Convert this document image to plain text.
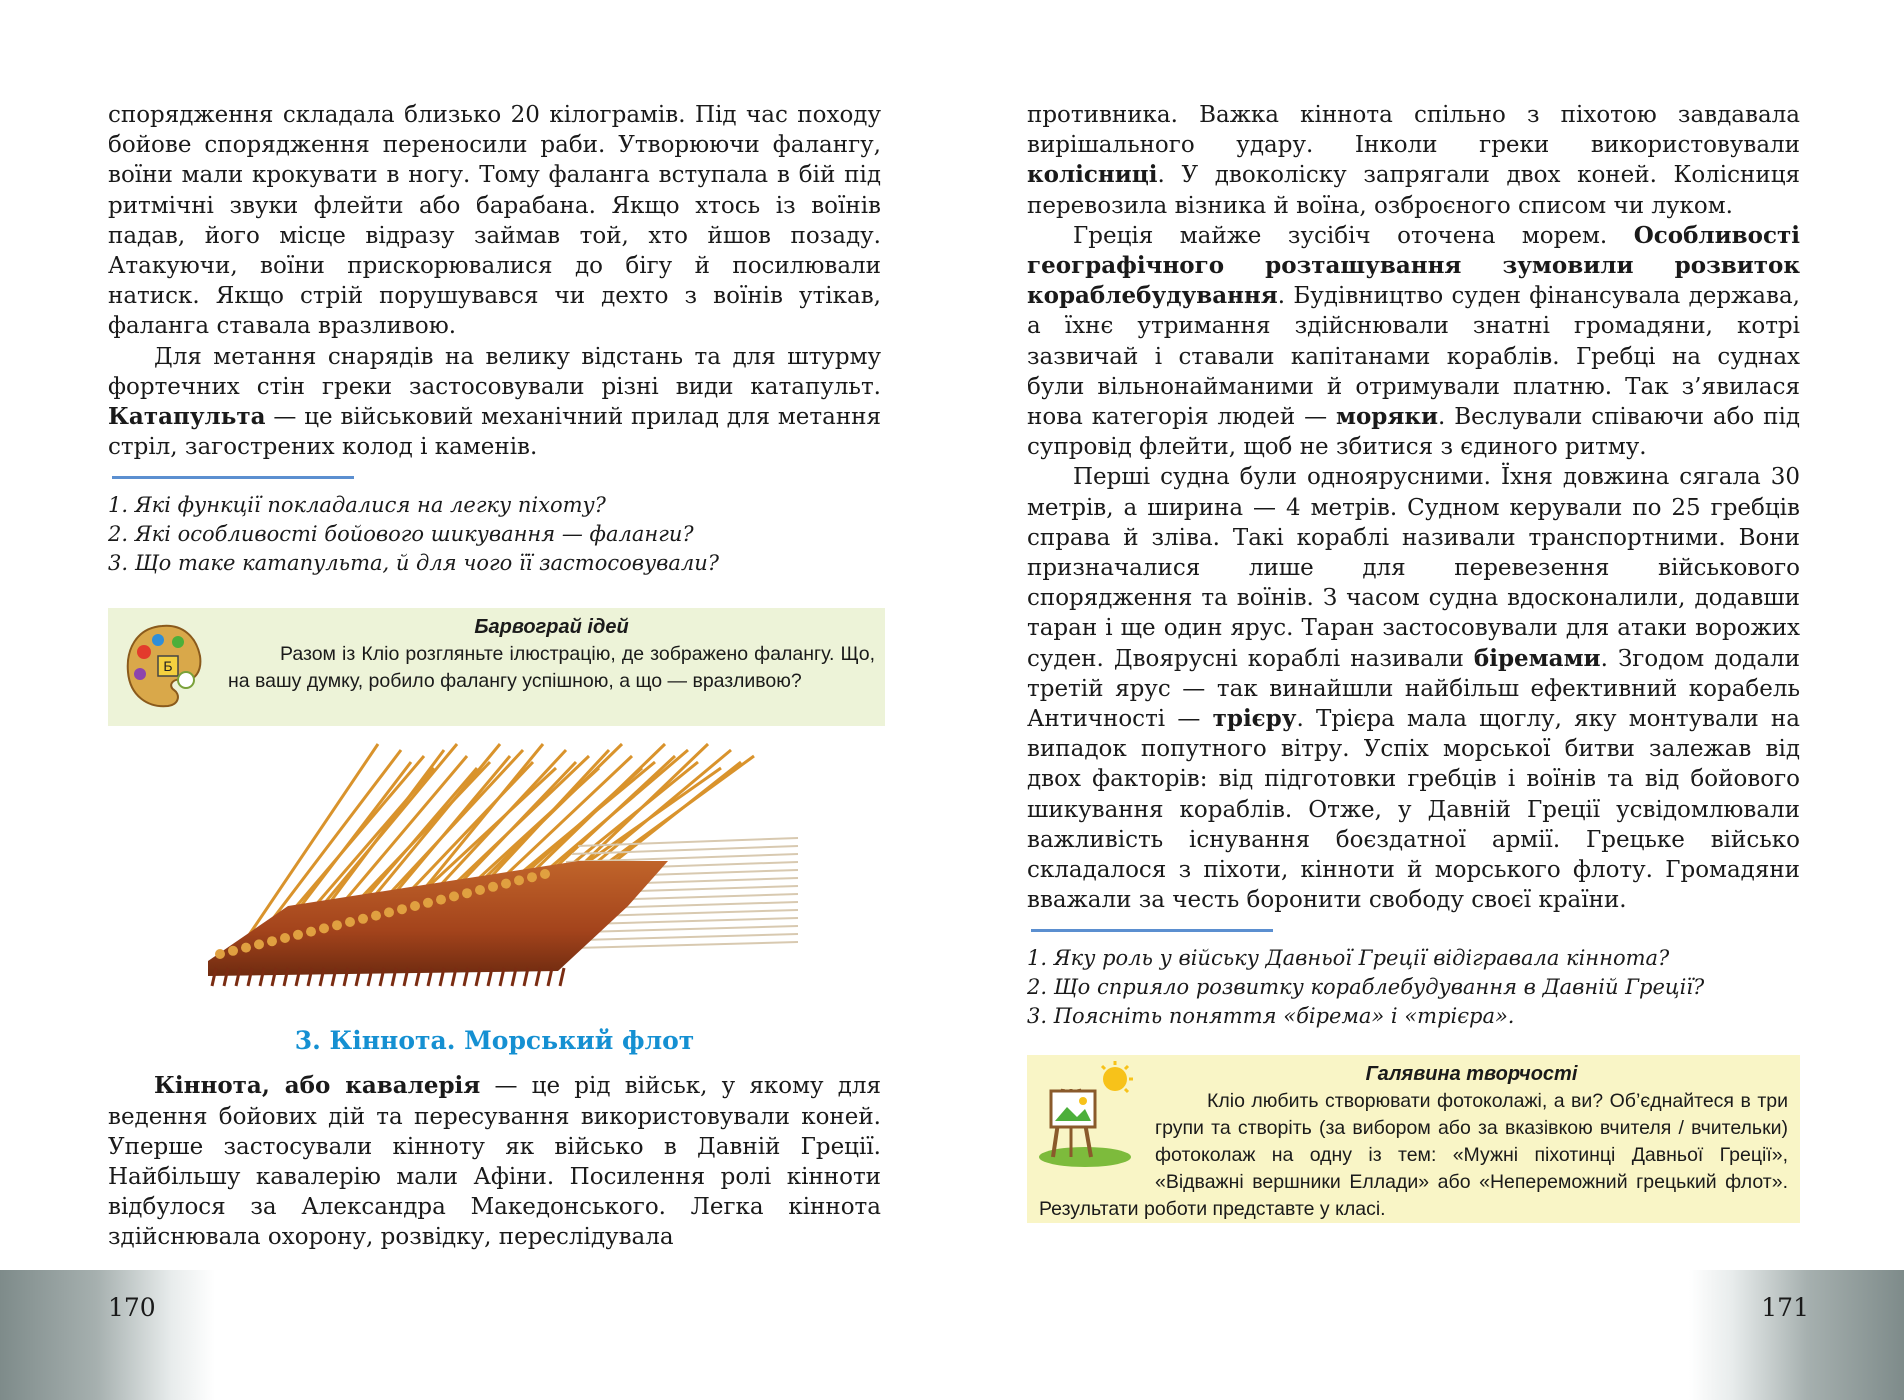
спорядження складала близько 20 кілограмів. Під час походу бойове спорядження переносили раби. Утворюючи фалангу, воїни мали крокувати в ногу. Тому фаланга вступала в бій під ритмічні звуки флейти або барабана. Якщо хтось із воїнів падав, його місце відразу займав той, хто йшов позаду. Атакуючи, воїни прискорювалися до бігу й посилювали натиск. Якщо стрій порушувався чи дехто з воїнів утікав, фаланга ставала вразливою.

Для метання снарядів на велику відстань та для штурму фортечних стін греки застосовували різні види катапульт. Катапульта — це військовий механічний прилад для метання стріл, загострених колод і каменів.

1. Які функції покладалися на легку піхоту?
2. Які особливості бойового шикування — фаланги?
3. Що таке катапульта, й для чого її застосовували?
Б
Барвограй ідей
Разом із Кліо розгляньте ілюстрацію, де зображено фалангу. Що, на вашу думку, робило фалангу успішною, а що — вразливою?
3. Кіннота. Морський флот

Кіннота, або кавалерія — це рід військ, у якому для ведення бойових дій та пересування використовували коней. Уперше застосували кінноту як військо в Давній Греції. Найбільшу кавалерію мали Афіни. Посилення ролі кінноти відбулося за Александра Македонського. Легка кіннота здійснювала охорону, розвідку, переслідувала

170

противника. Важка кіннота спільно з піхотою завдавала вирішального удару. Інколи греки використовували колісниці. У двоколіску запрягали двох коней. Колісниця перевозила візника й воїна, озброєного списом чи луком.

Греція майже зусібіч оточена морем. Особливості географічного розташування зумовили розвиток кораблебудування. Будівництво суден фінансувала держава, а їхнє утримання здійснювали знатні громадяни, котрі зазвичай і ставали капітанами кораблів. Гребці на суднах були вільнонайманими й отримували платню. Так з’явилася нова категорія людей — моряки. Веслували співаючи або під супровід флейти, щоб не збитися з єдиного ритму.

Перші судна були одноярусними. Їхня довжина сягала 30 метрів, а ширина — 4 метрів. Судном керували по 25 гребців справа й зліва. Такі кораблі називали транспортними. Вони призначалися лише для перевезення військового спорядження та воїнів. З часом судна вдосконалили, додавши таран і ще один ярус. Таран застосовували для атаки ворожих суден. Двоярусні кораблі називали біремами. Згодом додали третій ярус — так винайшли найбільш ефективний корабель Античності — трієру. Трієра мала щоглу, яку монтували на випадок попутного вітру. Успіх морської битви залежав від двох факторів: від підготовки гребців і воїнів та від бойового шикування кораблів. Отже, у Давній Греції усвідомлювали важливість існування боєздатної армії. Грецьке військо складалося з піхоти, кінноти й морського флоту. Громадяни вважали за честь боронити свободу своєї країни.

1. Яку роль у війську Давньої Греції відігравала кіннота?
2. Що сприяло розвитку кораблебудування в Давній Греції?
3. Поясніть поняття «бірема» і «трієра».
Галявина творчості
Кліо любить створювати фотоколажі, а ви? Об’єднайтеся в три групи та створіть (за вибором або за вказівкою вчителя / вчительки) фотоколаж на одну із тем: «Мужні піхотинці Давньої Греції», «Відважні вершники Еллади» або «Непереможний грецький флот». Результати роботи представте у класі.
171
